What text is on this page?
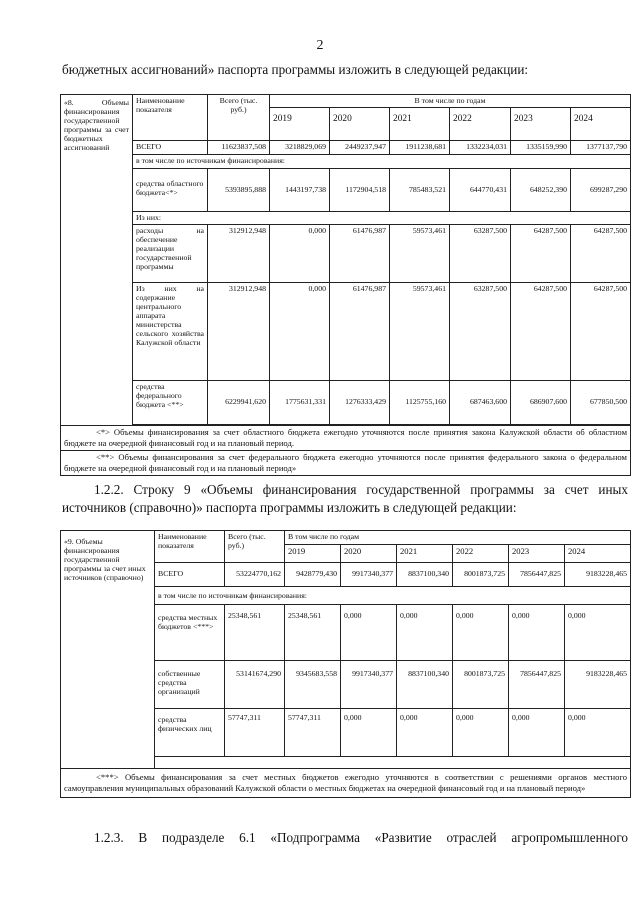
2
бюджетных ассигнований» паспорта программы изложить в следующей редакции:
«8. Объемы финансирования государственной программы за счет бюджетных ассигнований	Наименование показателя	Всего (тыс. руб.)	В том числе по годам					
			2019	2020	2021	2022	2023	2024
	ВСЕГО	11623837,508	3218829,069	2449237,947	1911238,681	1332234,031	1335159,990	1377137,790
	в том числе по источникам финансирования:							
	средства областного бюджета<*>	5393895,888	1443197,738	1172904,518	785483,521	644770,431	648252,390	699287,290
	Из них:							
	расходы на обеспечение реализации государственной программы	312912,948	0,000	61476,987	59573,461	63287,500	64287,500	64287,500
	Из них на содержание центрального аппарата министерства сельского хозяйства Калужской области	312912,948	0,000	61476,987	59573,461	63287,500	64287,500	64287,500
	средства федерального бюджета <**>	6229941,620	1775631,331	1276333,429	1125755,160	687463,600	686907,600	677850,500

<*> Объемы финансирования за счет областного бюджета ежегодно уточняются после принятия закона Калужской области об областном бюджете на очередной финансовый год и на плановый период.								
<**> Объемы финансирования за счет федерального бюджета ежегодно уточняются после принятия федерального закона о федеральном бюджете на очередной финансовый год и на плановый период»								
1.2.2. Строку 9 «Объемы финансирования государственной программы за счет иных источников (справочно)» паспорта программы изложить в следующей редакции:
«9. Объемы финансирования государственной программы за счет иных источников (справочно)	Наименование показателя	Всего (тыс. руб.)	В том числе по годам					
			2019	2020	2021	2022	2023	2024
	ВСЕГО	53224770,162	9428779,430	9917340,377	8837100,340	8001873,725	7856447,825	9183228,465
	в том числе по источникам финансирования:							
	средства местных бюджетов <***>	25348,561	25348,561	0,000	0,000	0,000	0,000	0,000
	собственные средства организаций	53141674,290	9345683,558	9917340,377	8837100,340	8001873,725	7856447,825	9183228,465
	средства физических лиц	57747,311	57747,311	0,000	0,000	0,000	0,000	0,000

<***> Объемы финансирования за счет местных бюджетов ежегодно уточняются в соответствии с решениями органов местного самоуправления муниципальных образований Калужской области о местных бюджетах на очередной финансовый год и на плановый период»								
1.2.3. В подразделе 6.1 «Подпрограмма «Развитие отраслей агропромышленного
